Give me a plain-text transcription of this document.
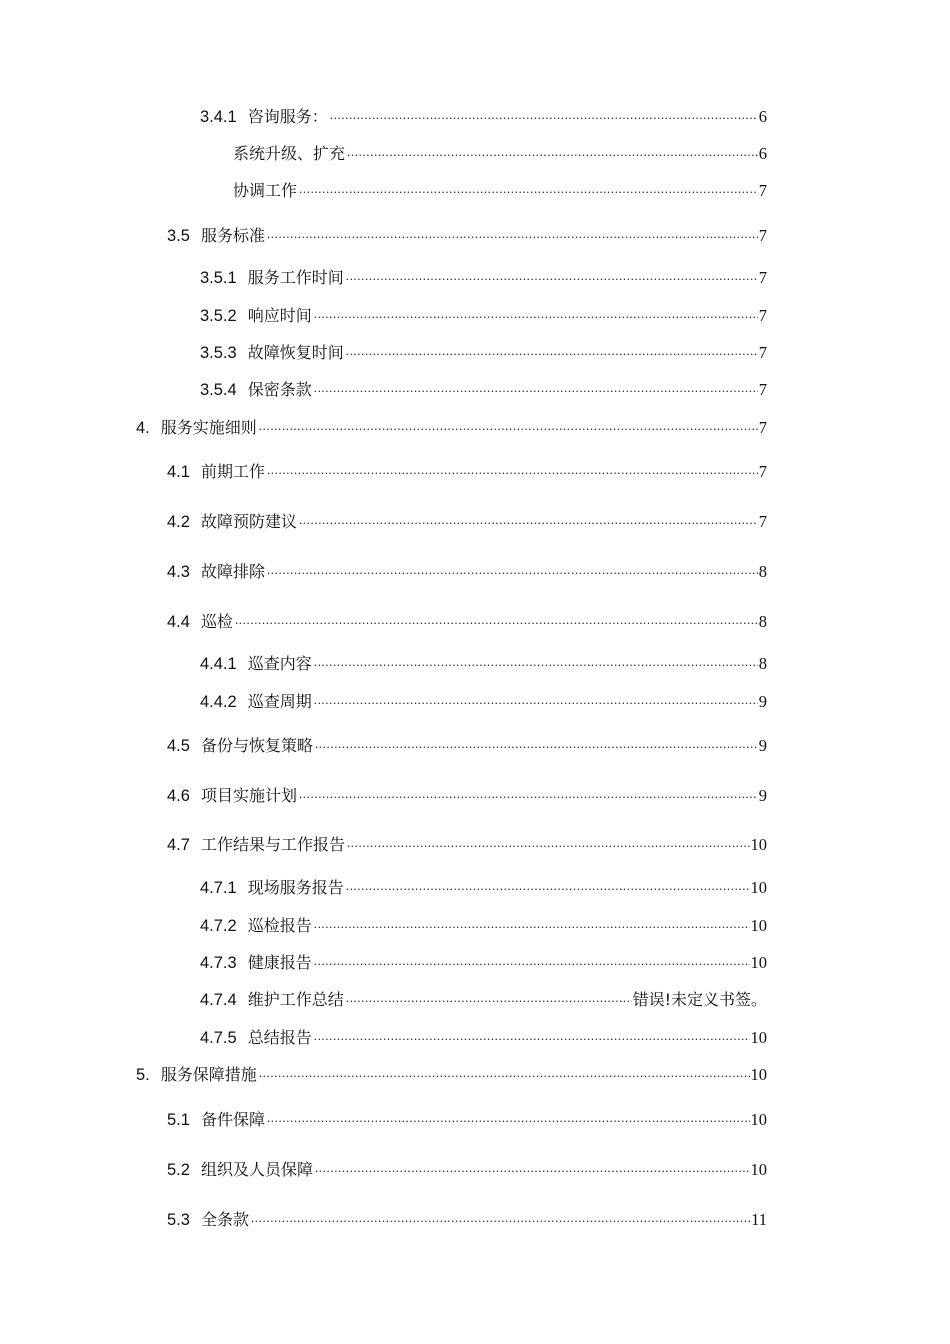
3.4.1 咨询服务： .....	6
系统升级、扩充 .....	6
协调工作 .....	7
3.5 服务标准 .....	7
3.5.1 服务工作时间 .....	7
3.5.2 响应时间 .....	7
3.5.3 故障恢复时间 .....	7
3.5.4 保密条款 .....	7
4. 服务实施细则 .....	7
4.1 前期工作 .....	7
4.2 故障预防建议 .....	7
4.3 故障排除 .....	8
4.4 巡检 .....	8
4.4.1 巡查内容 .....	8
4.4.2 巡查周期 .....	9
4.5 备份与恢复策略 .....	9
4.6 项目实施计划 .....	9
4.7 工作结果与工作报告 .....	10
4.7.1 现场服务报告 .....	10
4.7.2 巡检报告 .....	10
4.7.3 健康报告 .....	10
4.7.4 维护工作总结 .....	错误!未定义书签。
4.7.5 总结报告 .....	10
5. 服务保障措施 .....	10
5.1 备件保障 .....	10
5.2 组织及人员保障 .....	10
5.3 全条款 .....	11
